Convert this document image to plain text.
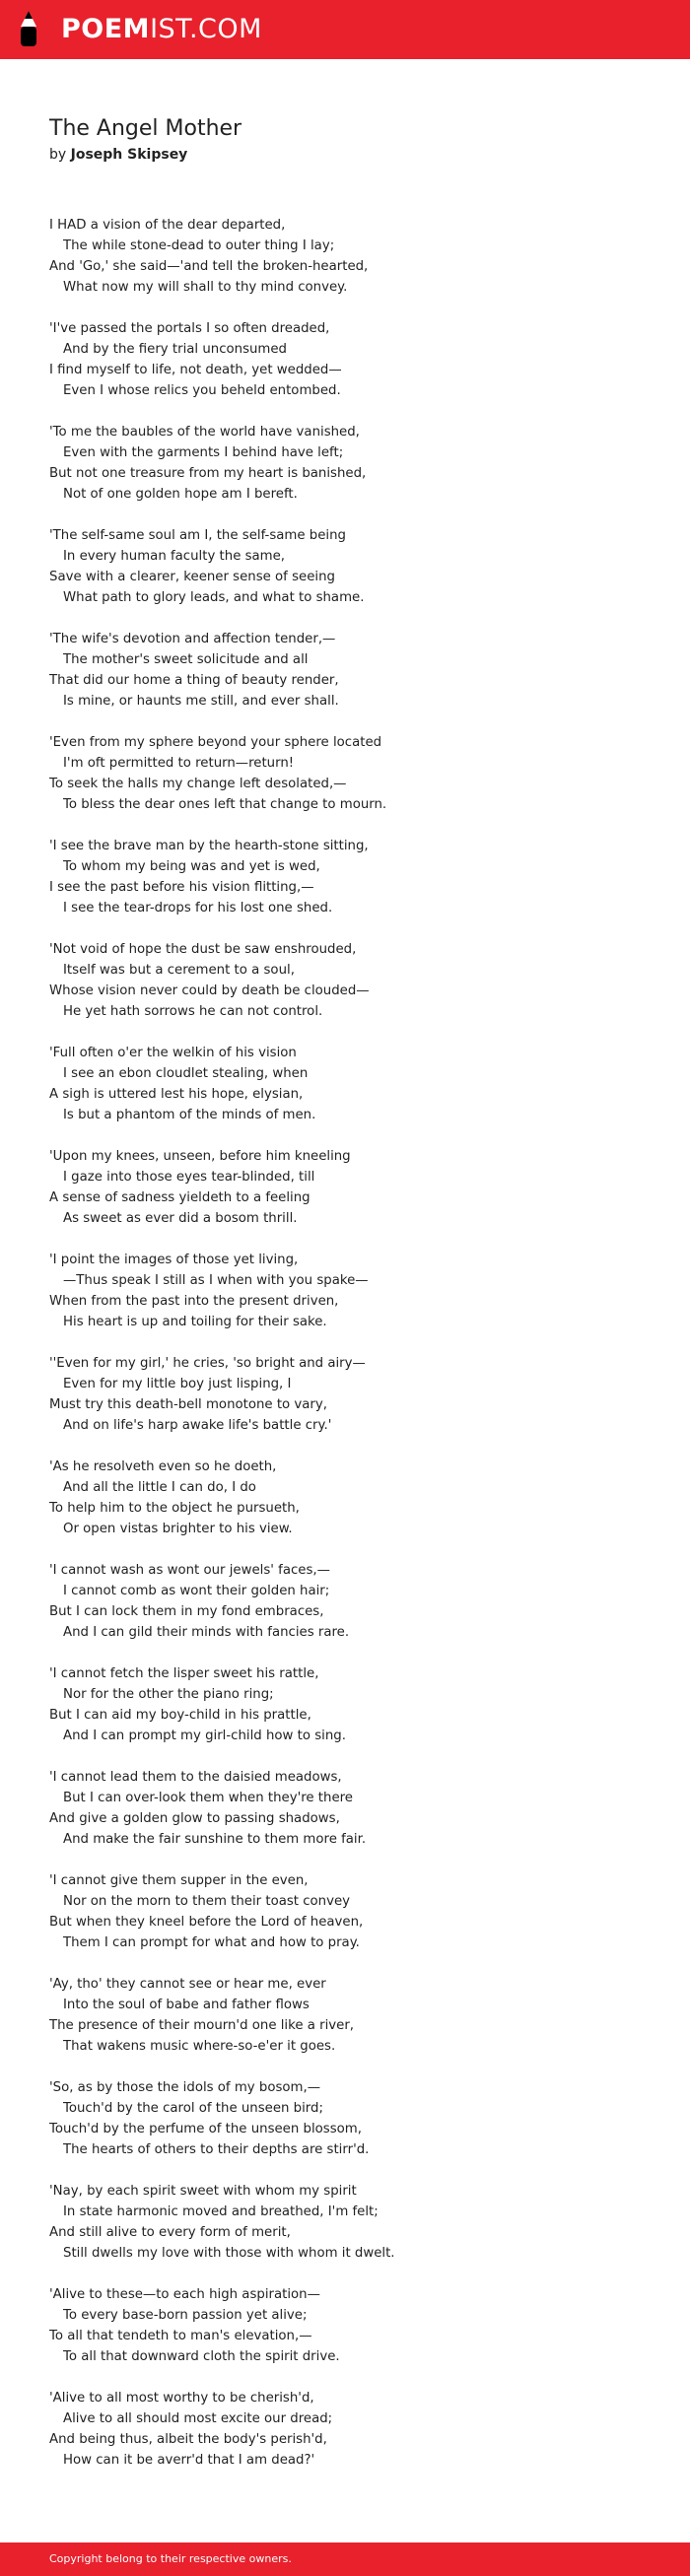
POEMIST.COM
The Angel Mother
by Joseph Skipsey
I HAD a vision of the dear departed,
The while stone-dead to outer thing I lay;
And 'Go,' she said—'and tell the broken-hearted,
What now my will shall to thy mind convey.
'I've passed the portals I so often dreaded,
And by the fiery trial unconsumed
I find myself to life, not death, yet wedded—
Even I whose relics you beheld entombed.
'To me the baubles of the world have vanished,
Even with the garments I behind have left;
But not one treasure from my heart is banished,
Not of one golden hope am I bereft.
'The self-same soul am I, the self-same being
In every human faculty the same,
Save with a clearer, keener sense of seeing
What path to glory leads, and what to shame.
'The wife's devotion and affection tender,—
The mother's sweet solicitude and all
That did our home a thing of beauty render,
Is mine, or haunts me still, and ever shall.
'Even from my sphere beyond your sphere located
I'm oft permitted to return—return!
To seek the halls my change left desolated,—
To bless the dear ones left that change to mourn.
'I see the brave man by the hearth-stone sitting,
To whom my being was and yet is wed,
I see the past before his vision flitting,—
I see the tear-drops for his lost one shed.
'Not void of hope the dust be saw enshrouded,
Itself was but a cerement to a soul,
Whose vision never could by death be clouded—
He yet hath sorrows he can not control.
'Full often o'er the welkin of his vision
I see an ebon cloudlet stealing, when
A sigh is uttered lest his hope, elysian,
Is but a phantom of the minds of men.
'Upon my knees, unseen, before him kneeling
I gaze into those eyes tear-blinded, till
A sense of sadness yieldeth to a feeling
As sweet as ever did a bosom thrill.
'I point the images of those yet living,
—Thus speak I still as I when with you spake—
When from the past into the present driven,
His heart is up and toiling for their sake.
''Even for my girl,' he cries, 'so bright and airy—
Even for my little boy just lisping, I
Must try this death-bell monotone to vary,
And on life's harp awake life's battle cry.'
'As he resolveth even so he doeth,
And all the little I can do, I do
To help him to the object he pursueth,
Or open vistas brighter to his view.
'I cannot wash as wont our jewels' faces,—
I cannot comb as wont their golden hair;
But I can lock them in my fond embraces,
And I can gild their minds with fancies rare.
'I cannot fetch the lisper sweet his rattle,
Nor for the other the piano ring;
But I can aid my boy-child in his prattle,
And I can prompt my girl-child how to sing.
'I cannot lead them to the daisied meadows,
But I can over-look them when they're there
And give a golden glow to passing shadows,
And make the fair sunshine to them more fair.
'I cannot give them supper in the even,
Nor on the morn to them their toast convey
But when they kneel before the Lord of heaven,
Them I can prompt for what and how to pray.
'Ay, tho' they cannot see or hear me, ever
Into the soul of babe and father flows
The presence of their mourn'd one like a river,
That wakens music where-so-e'er it goes.
'So, as by those the idols of my bosom,—
Touch'd by the carol of the unseen bird;
Touch'd by the perfume of the unseen blossom,
The hearts of others to their depths are stirr'd.
'Nay, by each spirit sweet with whom my spirit
In state harmonic moved and breathed, I'm felt;
And still alive to every form of merit,
Still dwells my love with those with whom it dwelt.
'Alive to these—to each high aspiration—
To every base-born passion yet alive;
To all that tendeth to man's elevation,—
To all that downward cloth the spirit drive.
'Alive to all most worthy to be cherish'd,
Alive to all should most excite our dread;
And being thus, albeit the body's perish'd,
How can it be averr'd that I am dead?'
Copyright belong to their respective owners.
